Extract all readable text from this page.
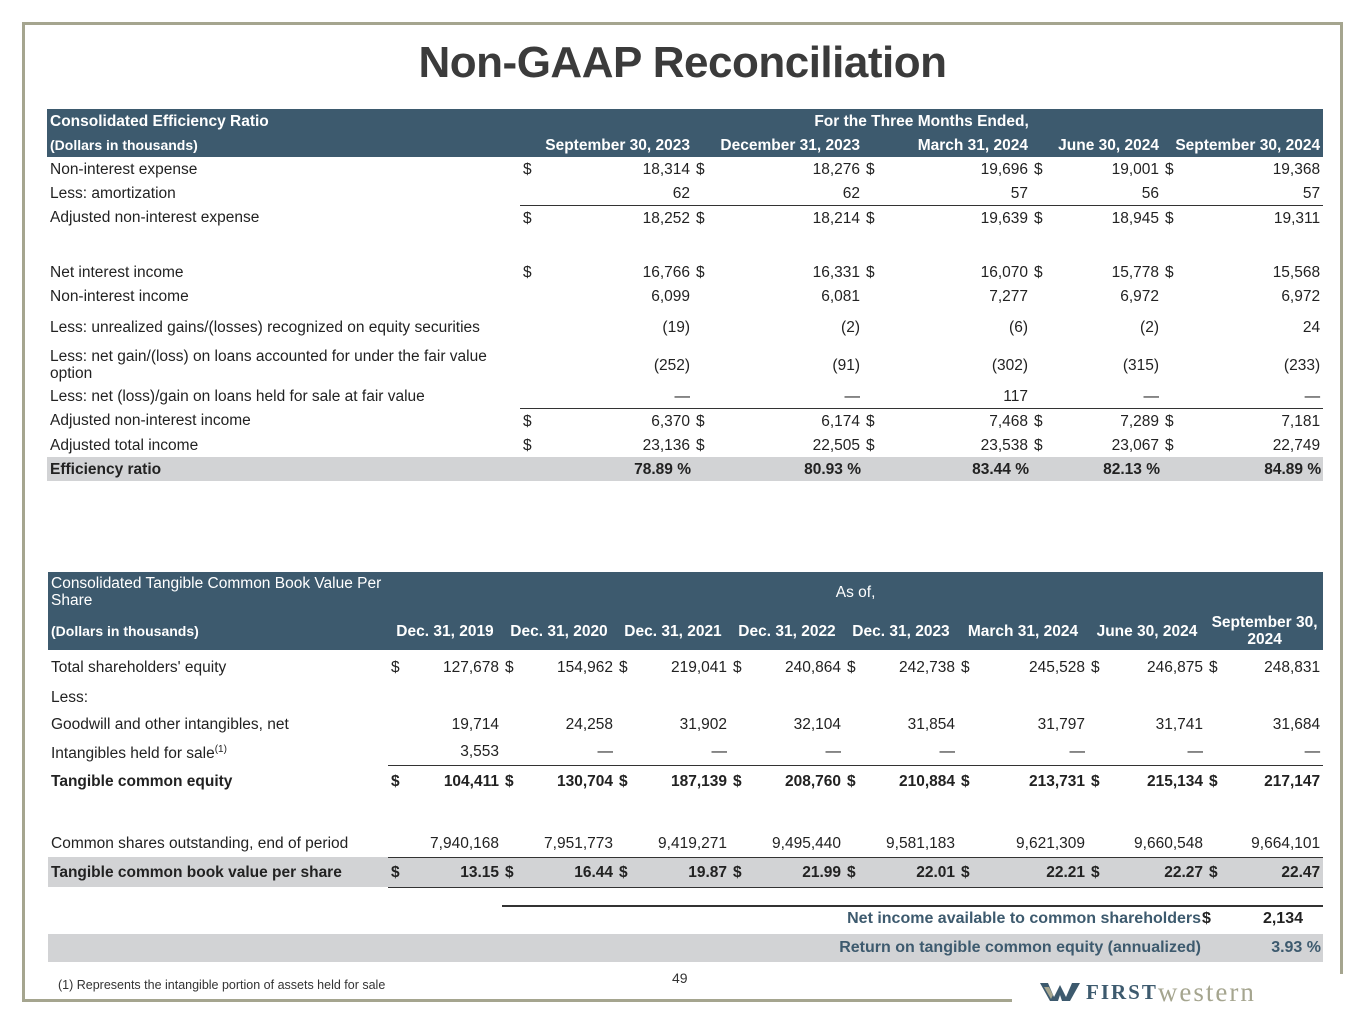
Non-GAAP Reconciliation
Consolidated Efficiency Ratio	For the Three Months Ended,									
(Dollars in thousands)	September 30, 2023		December 31, 2023		March 31, 2024		June 30, 2024		September 30, 2024	
Non-interest expense	$	18,314	$	18,276	$	19,696	$	19,001	$	19,368
Less: amortization		62		62		57		56		57
Adjusted non-interest expense	$	18,252	$	18,214	$	19,639	$	18,945	$	19,311

Net interest income	$	16,766	$	16,331	$	16,070	$	15,778	$	15,568
Non-interest income		6,099		6,081		7,277		6,972		6,972
Less: unrealized gains/(losses) recognized on equity securities		(19)		(2)		(6)		(2)		24
Less: net gain/(loss) on loans accounted for under the fair value option		(252)		(91)		(302)		(315)		(233)
Less: net (loss)/gain on loans held for sale at fair value		—		—		117		—		—
Adjusted non-interest income	$	6,370	$	6,174	$	7,468	$	7,289	$	7,181
Adjusted total income	$	23,136	$	22,505	$	23,538	$	23,067	$	22,749
Efficiency ratio		78.89 %		80.93 %		83.44 %		82.13 %		84.89 %
Consolidated Tangible Common Book Value Per Share	As of,															
(Dollars in thousands)	Dec. 31, 2019		Dec. 31, 2020		Dec. 31, 2021		Dec. 31, 2022		Dec. 31, 2023		March 31, 2024		June 30, 2024		September 30, 2024	
Total shareholders' equity	$	127,678	$	154,962	$	219,041	$	240,864	$	242,738	$	245,528	$	246,875	$	248,831
Less:																
Goodwill and other intangibles, net		19,714		24,258		31,902		32,104		31,854		31,797		31,741		31,684
Intangibles held for sale$^{(1)}$		3,553		—		—		—		—		—		—		—
Tangible common equity	$	104,411	$	130,704	$	187,139	$	208,760	$	210,884	$	213,731	$	215,134	$	217,147
Common shares outstanding, end of period		7,940,168		7,951,773		9,419,271		9,495,440		9,581,183		9,621,309		9,660,548		9,664,101
Tangible common book value per share	$	13.15	$	16.44	$	19.87	$	21.99	$	22.01	$	22.21	$	22.27	$	22.47
Net income available to common shareholders $	2,134
Return on tangible common equity (annualized)	3.93 %
(1) Represents the intangible portion of assets held for sale	49
FIRST western
